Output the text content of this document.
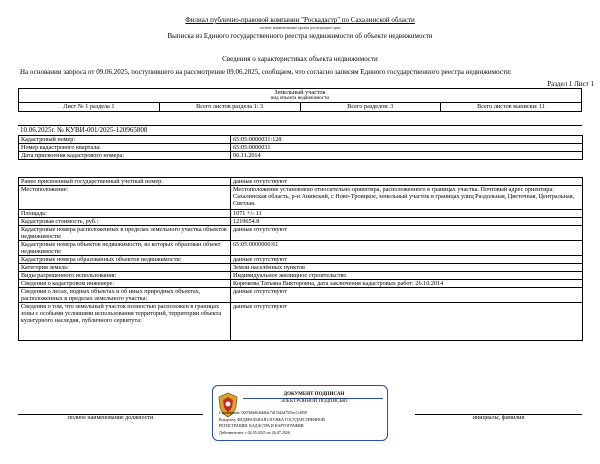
Филиал публично-правовой компании "Роскадастр" по Сахалинской области
полное наименование органа регистрации прав
Выписка из Единого государственного реестра недвижимости об объекте недвижимости
Сведения о характеристиках объекта недвижимости
На основании запроса от 09.06.2025, поступившего на рассмотрение 09.06.2025, сообщаем, что согласно записям Единого государственного реестра недвижимости:
Раздел 1 Лист 1
Земельный участок
вид объекта недвижимости
Лист № 1 раздела 1	Всего листов раздела 1: 3	Всего разделов: 3	Всего листов выписки: 11
10.06.2025г. № КУВИ-001/2025-120965808
Кадастровый номер:	65:05:0000031:128
Номер кадастрового квартала:	65:05:0000031
Дата присвоения кадастрового номера:	06.11.2014
Ранее присвоенный государственный учетный номер:	данные отсутствуют
Местоположение:	Местоположение установлено относительно ориентира, расположенного в границах участка. Почтовый адрес ориентира: Сахалинская область, р-н Анивский, с Ново-Троицкое, земельный участок в границах улиц Раздольная, Цветочная, Центральная, Светлая.
Площадь:	1071 +/- 11
Кадастровая стоимость, руб.:	1219654.8
Кадастровые номера расположенных в пределах земельного участка объектов недвижимости:	данные отсутствуют
Кадастровые номера объектов недвижимости, из которых образован объект недвижимости:	65:05:0000000:61
Кадастровые номера образованных объектов недвижимости:	данные отсутствуют
Категория земель:	Земли населённых пунктов
Виды разрешенного использования:	Индивидуальное жилищное строительство
Сведения о кадастровом инженере:	Корюкова Татьяна Викторовна, дата заключения кадастровых работ: 26.10.2014
Сведения о лесах, водных объектах и об иных природных объектах, расположенных в пределах земельного участка:	данные отсутствуют
Сведения о том, что земельный участок полностью расположен в границах зоны с особыми условиями использования территорий, территории объекта культурного наследия, публичного сервитута:	данные отсутствуют
полное наименование должности	инициалы, фамилия
ДОКУМЕНТ ПОДПИСАН
ЭЛЕКТРОННОЙ ПОДПИСЬЮ
Сертификат: 00f7b6b8c8ddf4c7d15f42d75f5ec1c8f59
Владелец: ФЕДЕРАЛЬНАЯ СЛУЖБА ГОСУДАРСТВЕННОЙ
РЕГИСТРАЦИИ, КАДАСТРА И КАРТОГРАФИИ
Действителен: с 02.05.2025 по 26.07.2026
